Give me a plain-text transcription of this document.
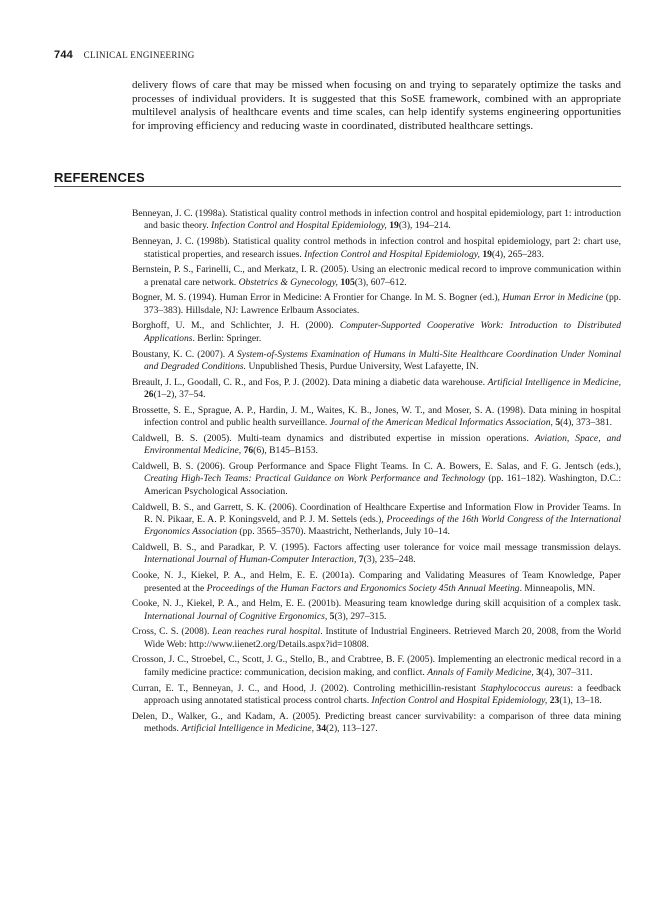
744 CLINICAL ENGINEERING

delivery flows of care that may be missed when focusing on and trying to separately optimize the tasks and processes of individual providers. It is suggested that this SoSE framework, combined with an appropriate multilevel analysis of healthcare events and time scales, can help identify systems engineering opportunities for improving efficiency and reducing waste in coordinated, distributed healthcare settings.

REFERENCES
Benneyan, J. C. (1998a). Statistical quality control methods in infection control and hospital epidemiology, part 1: introduction and basic theory. Infection Control and Hospital Epidemiology, 19(3), 194–214.
Benneyan, J. C. (1998b). Statistical quality control methods in infection control and hospital epidemiology, part 2: chart use, statistical properties, and research issues. Infection Control and Hospital Epidemiology, 19(4), 265–283.
Bernstein, P. S., Farinelli, C., and Merkatz, I. R. (2005). Using an electronic medical record to improve communication within a prenatal care network. Obstetrics & Gynecology, 105(3), 607–612.
Bogner, M. S. (1994). Human Error in Medicine: A Frontier for Change. In M. S. Bogner (ed.), Human Error in Medicine (pp. 373–383). Hillsdale, NJ: Lawrence Erlbaum Associates.
Borghoff, U. M., and Schlichter, J. H. (2000). Computer-Supported Cooperative Work: Introduction to Distributed Applications. Berlin: Springer.
Boustany, K. C. (2007). A System-of-Systems Examination of Humans in Multi-Site Healthcare Coordination Under Nominal and Degraded Conditions. Unpublished Thesis, Purdue University, West Lafayette, IN.
Breault, J. L., Goodall, C. R., and Fos, P. J. (2002). Data mining a diabetic data warehouse. Artificial Intelligence in Medicine, 26(1–2), 37–54.
Brossette, S. E., Sprague, A. P., Hardin, J. M., Waites, K. B., Jones, W. T., and Moser, S. A. (1998). Data mining in hospital infection control and public health surveillance. Journal of the American Medical Informatics Association, 5(4), 373–381.
Caldwell, B. S. (2005). Multi-team dynamics and distributed expertise in mission operations. Aviation, Space, and Environmental Medicine, 76(6), B145–B153.
Caldwell, B. S. (2006). Group Performance and Space Flight Teams. In C. A. Bowers, E. Salas, and F. G. Jentsch (eds.), Creating High-Tech Teams: Practical Guidance on Work Performance and Technology (pp. 161–182). Washington, D.C.: American Psychological Association.
Caldwell, B. S., and Garrett, S. K. (2006). Coordination of Healthcare Expertise and Information Flow in Provider Teams. In R. N. Pikaar, E. A. P. Koningsveld, and P. J. M. Settels (eds.), Proceedings of the 16th World Congress of the International Ergonomics Association (pp. 3565–3570). Maastricht, Netherlands, July 10–14.
Caldwell, B. S., and Paradkar, P. V. (1995). Factors affecting user tolerance for voice mail message transmission delays. International Journal of Human-Computer Interaction, 7(3), 235–248.
Cooke, N. J., Kiekel, P. A., and Helm, E. E. (2001a). Comparing and Validating Measures of Team Knowledge, Paper presented at the Proceedings of the Human Factors and Ergonomics Society 45th Annual Meeting. Minneapolis, MN.
Cooke, N. J., Kiekel, P. A., and Helm, E. E. (2001b). Measuring team knowledge during skill acquisition of a complex task. International Journal of Cognitive Ergonomics, 5(3), 297–315.
Cross, C. S. (2008). Lean reaches rural hospital. Institute of Industrial Engineers. Retrieved March 20, 2008, from the World Wide Web: http://www.iienet2.org/Details.aspx?id=10808.
Crosson, J. C., Stroebel, C., Scott, J. G., Stello, B., and Crabtree, B. F. (2005). Implementing an electronic medical record in a family medicine practice: communication, decision making, and conflict. Annals of Family Medicine, 3(4), 307–311.
Curran, E. T., Benneyan, J. C., and Hood, J. (2002). Controling methicillin-resistant Staphylococcus aureus: a feedback approach using annotated statistical process control charts. Infection Control and Hospital Epidemiology, 23(1), 13–18.
Delen, D., Walker, G., and Kadam, A. (2005). Predicting breast cancer survivability: a comparison of three data mining methods. Artificial Intelligence in Medicine, 34(2), 113–127.
